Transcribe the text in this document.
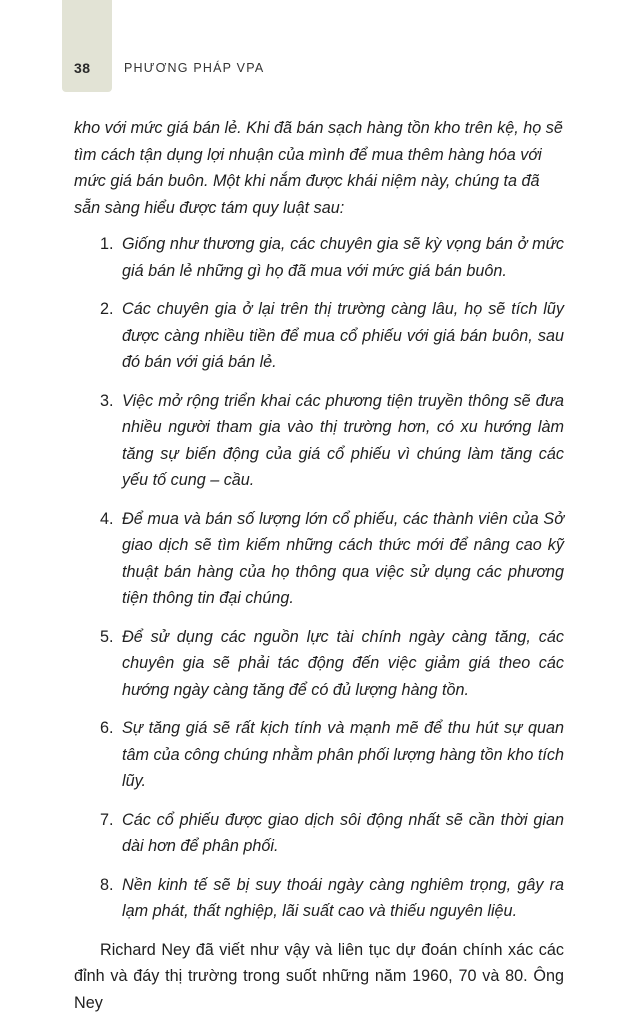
38	PHƯƠNG PHÁP VPA

kho với mức giá bán lẻ. Khi đã bán sạch hàng tồn kho trên kệ, họ sẽ tìm cách tận dụng lợi nhuận của mình để mua thêm hàng hóa với mức giá bán buôn. Một khi nắm được khái niệm này, chúng ta đã sẵn sàng hiểu được tám quy luật sau:

1. Giống như thương gia, các chuyên gia sẽ kỳ vọng bán ở mức giá bán lẻ những gì họ đã mua với mức giá bán buôn.
2. Các chuyên gia ở lại trên thị trường càng lâu, họ sẽ tích lũy được càng nhiều tiền để mua cổ phiếu với giá bán buôn, sau đó bán với giá bán lẻ.
3. Việc mở rộng triển khai các phương tiện truyền thông sẽ đưa nhiều người tham gia vào thị trường hơn, có xu hướng làm tăng sự biến động của giá cổ phiếu vì chúng làm tăng các yếu tố cung – cầu.
4. Để mua và bán số lượng lớn cổ phiếu, các thành viên của Sở giao dịch sẽ tìm kiếm những cách thức mới để nâng cao kỹ thuật bán hàng của họ thông qua việc sử dụng các phương tiện thông tin đại chúng.
5. Để sử dụng các nguồn lực tài chính ngày càng tăng, các chuyên gia sẽ phải tác động đến việc giảm giá theo các hướng ngày càng tăng để có đủ lượng hàng tồn.
6. Sự tăng giá sẽ rất kịch tính và mạnh mẽ để thu hút sự quan tâm của công chúng nhằm phân phối lượng hàng tồn kho tích lũy.
7. Các cổ phiếu được giao dịch sôi động nhất sẽ cần thời gian dài hơn để phân phối.
8. Nền kinh tế sẽ bị suy thoái ngày càng nghiêm trọng, gây ra lạm phát, thất nghiệp, lãi suất cao và thiếu nguyên liệu.

Richard Ney đã viết như vậy và liên tục dự đoán chính xác các đỉnh và đáy thị trường trong suốt những năm 1960, 70 và 80. Ông Ney
